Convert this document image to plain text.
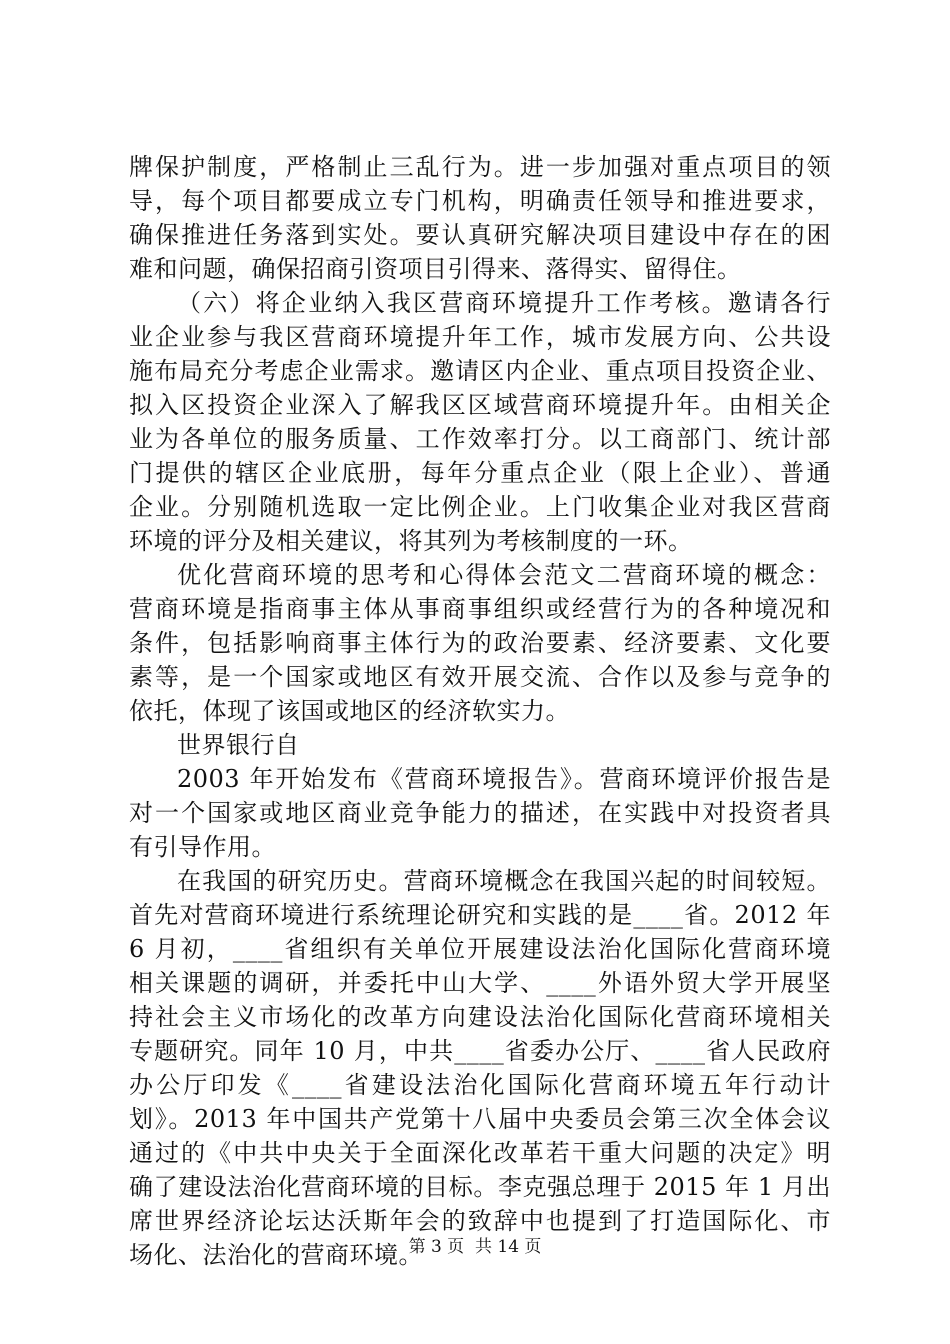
牌保护制度，严格制止三乱行为。进一步加强对重点项目的领
导，每个项目都要成立专门机构，明确责任领导和推进要求，
确保推进任务落到实处。要认真研究解决项目建设中存在的困
难和问题，确保招商引资项目引得来、落得实、留得住。
（六）将企业纳入我区营商环境提升工作考核。邀请各行
业企业参与我区营商环境提升年工作，城市发展方向、公共设
施布局充分考虑企业需求。邀请区内企业、重点项目投资企业、
拟入区投资企业深入了解我区区域营商环境提升年。由相关企
业为各单位的服务质量、工作效率打分。以工商部门、统计部
门提供的辖区企业底册，每年分重点企业（限上企业）、普通
企业。分别随机选取一定比例企业。上门收集企业对我区营商
环境的评分及相关建议，将其列为考核制度的一环。
优化营商环境的思考和心得体会范文二营商环境的概念：
营商环境是指商事主体从事商事组织或经营行为的各种境况和
条件，包括影响商事主体行为的政治要素、经济要素、文化要
素等，是一个国家或地区有效开展交流、合作以及参与竞争的
依托，体现了该国或地区的经济软实力。
世界银行自
2003 年开始发布《营商环境报告》。营商环境评价报告是
对一个国家或地区商业竞争能力的描述，在实践中对投资者具
有引导作用。
在我国的研究历史。营商环境概念在我国兴起的时间较短。
首先对营商环境进行系统理论研究和实践的是____省。2012 年
6 月初，____省组织有关单位开展建设法治化国际化营商环境
相关课题的调研，并委托中山大学、____外语外贸大学开展坚
持社会主义市场化的改革方向建设法治化国际化营商环境相关
专题研究。同年 10 月，中共____省委办公厅、____省人民政府
办公厅印发《____省建设法治化国际化营商环境五年行动计
划》。2013 年中国共产党第十八届中央委员会第三次全体会议
通过的《中共中央关于全面深化改革若干重大问题的决定》明
确了建设法治化营商环境的目标。李克强总理于 2015 年 1 月出
席世界经济论坛达沃斯年会的致辞中也提到了打造国际化、市
场化、法治化的营商环境。
第 3 页  共 14 页
